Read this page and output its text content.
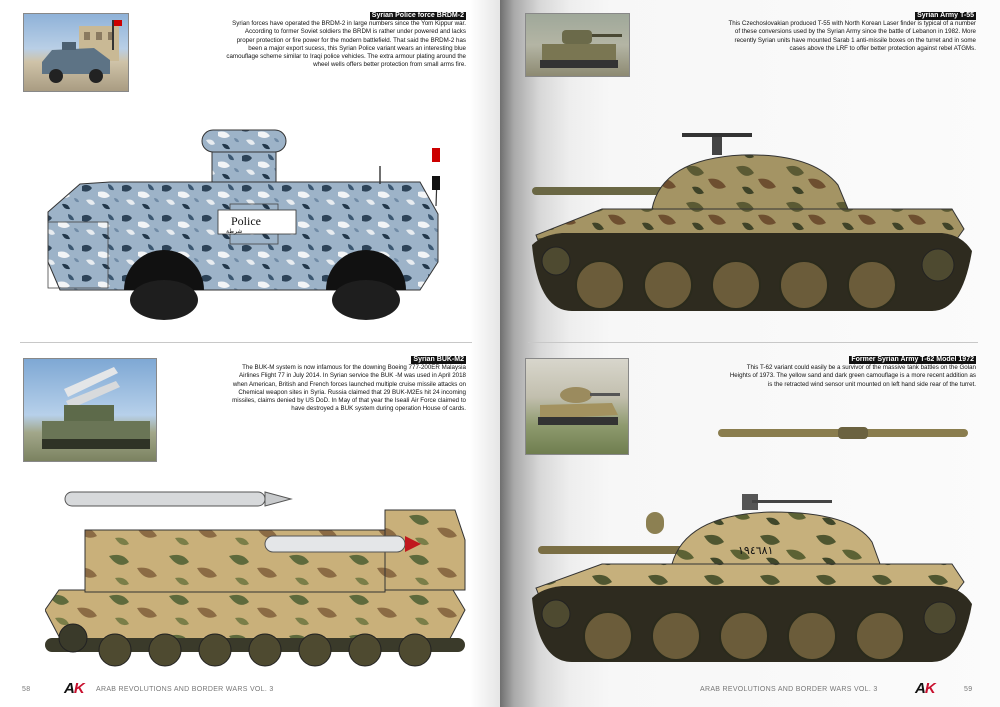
Syrian Police force BRDM-2
Syrian forces have operated the BRDM-2 in large numbers since the Yom Kippur war. According to former Soviet soldiers the BRDM is rather under powered and lacks proper protection or fire power for the modern battlefield. That said the BRDM-2 has been a major export sucess, this Syrian Police variant wears an interesting blue camouflage scheme similar to Iraqi police vehicles. The extra armour plating around the wheel wells offers better protection from small arms fire.
Police
شرطة
Syrian BUK-M2
The BUK-M system is now infamous for the downing Boeing 777-200ER Malaysia Airlines Flight 77 in July 2014. In Syrian service the BUK -M was used in April 2018 when American, British and French forces launched multiple cruise missile attacks on Chemical weapon sites in Syria. Russia claimed that 29 BUK-M2Es hit 24 incoming missiles, claims denied by US DoD. In May of that year the Isealì Air Force claimed to have destroyed a BUK system during operation House of cards.
58 AK ARAB REVOLUTIONS AND BORDER WARS VOL. 3
Syrian Army T-55
This Czechoslovakian produced T-55 with North Korean Laser finder is typical of a number of these conversions used by the Syrian Army since the battle of Lebanon in 1982. More recently Syrian units have mounted Sarab 1 anti-missile boxes on the turret and in some cases above the LRF to offer better protection against rebel ATGMs.
Former Syrian Army T-62 Model 1972
This T-62 variant could easily be a survivor of the massive tank battles on the Golan Heights of 1973. The yellow sand and dark green camouflage is a more recent addition as is the retracted wind sensor unit mounted on left hand side rear of the turret.
١٩٤٦٨١
ARAB REVOLUTIONS AND BORDER WARS VOL. 3 AK	59
